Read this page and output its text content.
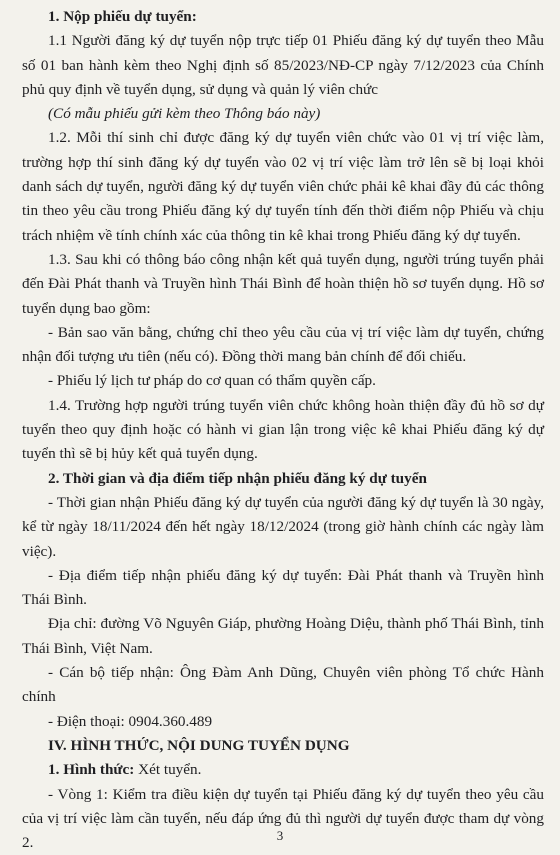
1. Nộp phiếu dự tuyển:

1.1 Người đăng ký dự tuyển nộp trực tiếp 01 Phiếu đăng ký dự tuyển theo Mẫu số 01 ban hành kèm theo Nghị định số 85/2023/NĐ-CP ngày 7/12/2023 của Chính phủ quy định về tuyển dụng, sử dụng và quản lý viên chức

(Có mẫu phiếu gửi kèm theo Thông báo này)

1.2. Mỗi thí sinh chỉ được đăng ký dự tuyển viên chức vào 01 vị trí việc làm, trường hợp thí sinh đăng ký dự tuyển vào 02 vị trí việc làm trở lên sẽ bị loại khỏi danh sách dự tuyển, người đăng ký dự tuyển viên chức phải kê khai đầy đủ các thông tin theo yêu cầu trong Phiếu đăng ký dự tuyển tính đến thời điểm nộp Phiếu và chịu trách nhiệm về tính chính xác của thông tin kê khai trong Phiếu đăng ký dự tuyển.

1.3. Sau khi có thông báo công nhận kết quả tuyển dụng, người trúng tuyển phải đến Đài Phát thanh và Truyền hình Thái Bình để hoàn thiện hồ sơ tuyển dụng. Hồ sơ tuyển dụng bao gồm:

- Bản sao văn bằng, chứng chỉ theo yêu cầu của vị trí việc làm dự tuyển, chứng nhận đối tượng ưu tiên (nếu có). Đồng thời mang bản chính để đối chiếu.

- Phiếu lý lịch tư pháp do cơ quan có thẩm quyền cấp.

1.4. Trường hợp người trúng tuyển viên chức không hoàn thiện đầy đủ hồ sơ dự tuyển theo quy định hoặc có hành vi gian lận trong việc kê khai Phiếu đăng ký dự tuyển thì sẽ bị hủy kết quả tuyển dụng.

2. Thời gian và địa điểm tiếp nhận phiếu đăng ký dự tuyển

- Thời gian nhận Phiếu đăng ký dự tuyển của người đăng ký dự tuyển là 30 ngày, kể từ ngày 18/11/2024 đến hết ngày 18/12/2024 (trong giờ hành chính các ngày làm việc).

- Địa điểm tiếp nhận phiếu đăng ký dự tuyển: Đài Phát thanh và Truyền hình Thái Bình.

Địa chỉ: đường Võ Nguyên Giáp, phường Hoàng Diệu, thành phố Thái Bình, tỉnh Thái Bình, Việt Nam.

- Cán bộ tiếp nhận: Ông Đàm Anh Dũng, Chuyên viên phòng Tổ chức Hành chính

- Điện thoại: 0904.360.489

IV. HÌNH THỨC, NỘI DUNG TUYỂN DỤNG

1. Hình thức: Xét tuyển.

- Vòng 1: Kiểm tra điều kiện dự tuyển tại Phiếu đăng ký dự tuyển theo yêu cầu của vị trí việc làm cần tuyển, nếu đáp ứng đủ thì người dự tuyển được tham dự vòng 2.	3
